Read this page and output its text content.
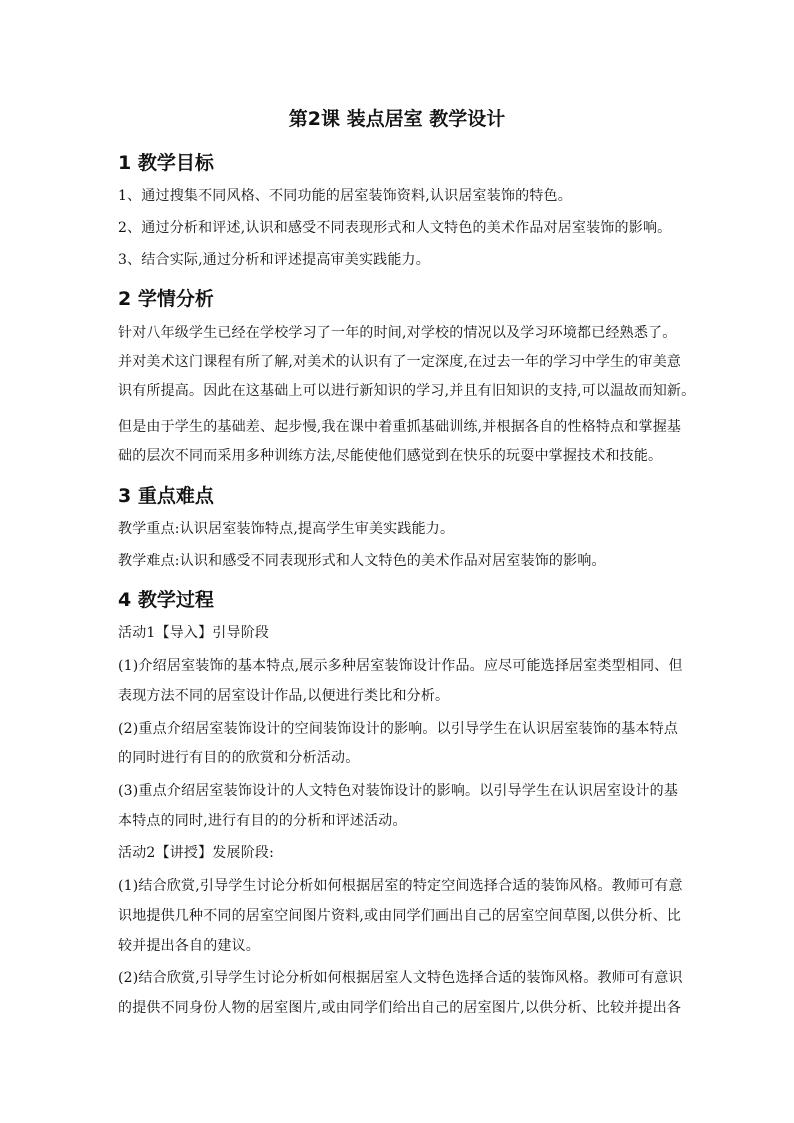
第2课 装点居室 教学设计
1 教学目标
1、通过搜集不同风格、不同功能的居室装饰资料,认识居室装饰的特色。
2、通过分析和评述,认识和感受不同表现形式和人文特色的美术作品对居室装饰的影响。
3、结合实际,通过分析和评述提高审美实践能力。
2 学情分析
针对八年级学生已经在学校学习了一年的时间,对学校的情况以及学习环境都已经熟悉了。
并对美术这门课程有所了解,对美术的认识有了一定深度,在过去一年的学习中学生的审美意
识有所提高。因此在这基础上可以进行新知识的学习,并且有旧知识的支持,可以温故而知新。
但是由于学生的基础差、起步慢,我在课中着重抓基础训练,并根据各自的性格特点和掌握基
础的层次不同而采用多种训练方法,尽能使他们感觉到在快乐的玩耍中掌握技术和技能。
3 重点难点
教学重点:认识居室装饰特点,提高学生审美实践能力。
教学难点:认识和感受不同表现形式和人文特色的美术作品对居室装饰的影响。
4 教学过程
活动1【导入】引导阶段
(1)介绍居室装饰的基本特点,展示多种居室装饰设计作品。应尽可能选择居室类型相同、但
表现方法不同的居室设计作品,以便进行类比和分析。
(2)重点介绍居室装饰设计的空间装饰设计的影响。以引导学生在认识居室装饰的基本特点
的同时进行有目的的欣赏和分析活动。
(3)重点介绍居室装饰设计的人文特色对装饰设计的影响。以引导学生在认识居室设计的基
本特点的同时,进行有目的的分析和评述活动。
活动2【讲授】发展阶段:
(1)结合欣赏,引导学生讨论分析如何根据居室的特定空间选择合适的装饰风格。教师可有意
识地提供几种不同的居室空间图片资料,或由同学们画出自己的居室空间草图,以供分析、比
较并提出各自的建议。
(2)结合欣赏,引导学生讨论分析如何根据居室人文特色选择合适的装饰风格。教师可有意识
的提供不同身份人物的居室图片,或由同学们给出自己的居室图片,以供分析、比较并提出各
